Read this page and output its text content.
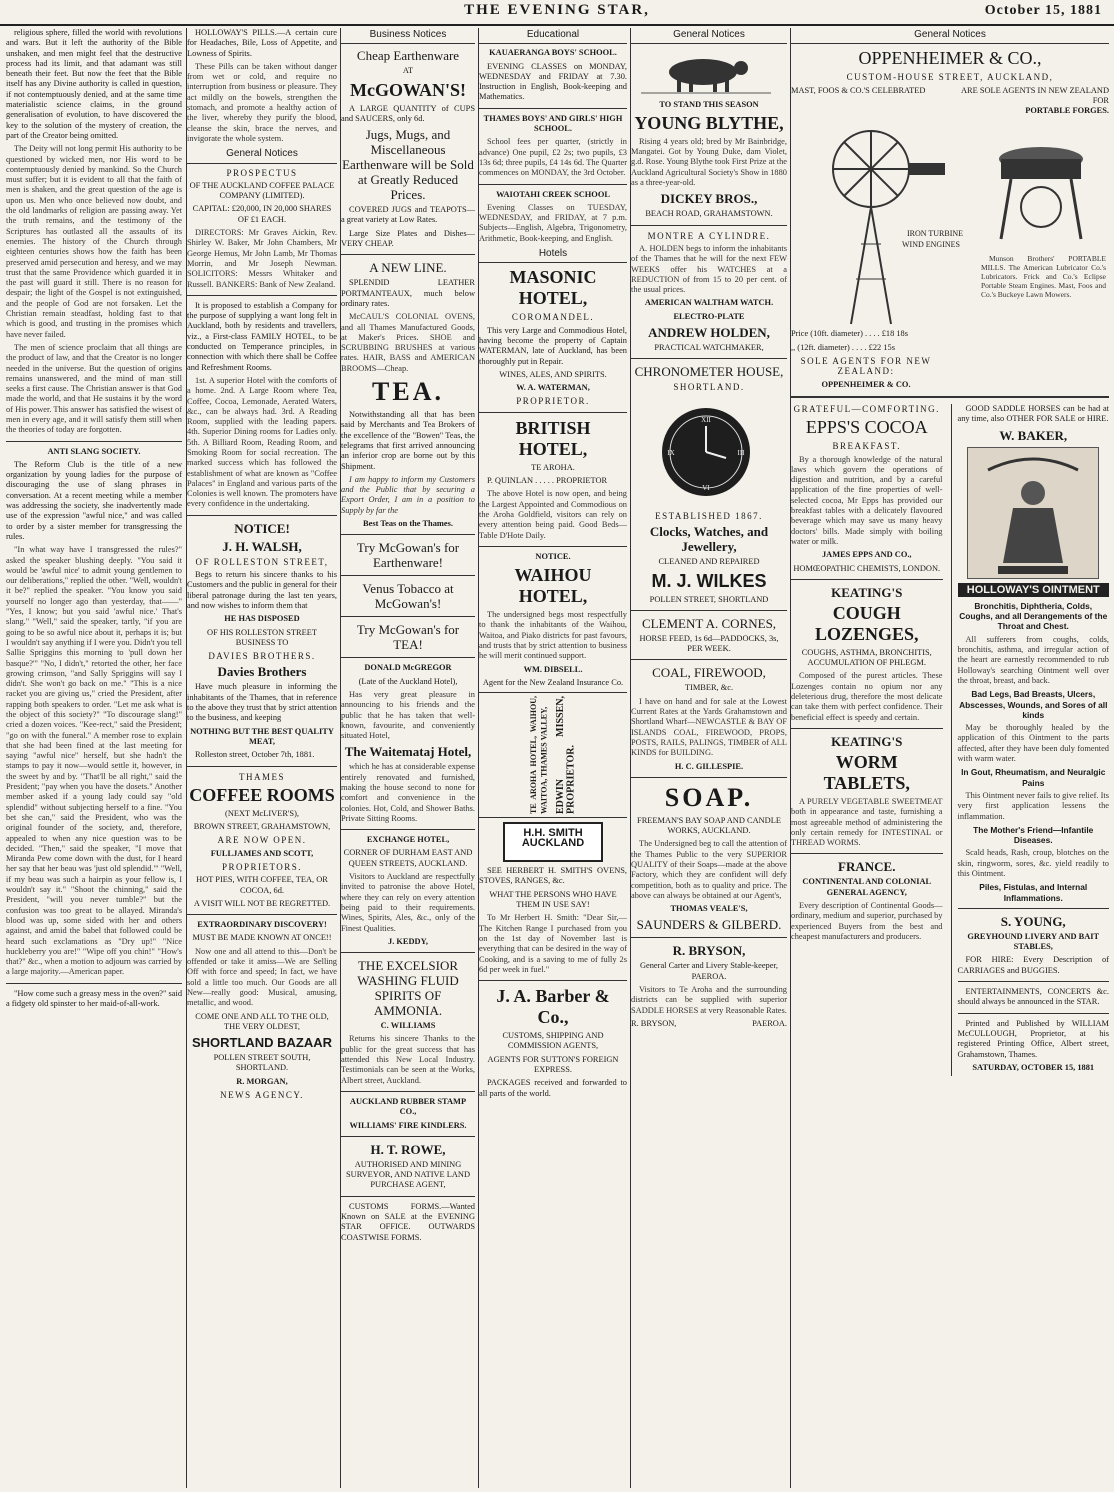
THE EVENING STAR,	October 15, 1881

religious sphere, filled the world with revolutions and wars. But it left the authority of the Bible unshaken, and men might feel that the destructive process had its limit, and that adamant was still beneath their feet. But now the feet that the Bible itself has any Divine authority is called in question, if not contemptuously denied, and at the same time materialistic science claims, in the ground generalisation of evolution, to have discovered the key to the solution of the mystery of creation, the part of the Creator being omitted.

The Deity will not long permit His authority to be questioned by wicked men, nor His word to be contemptuously denied by mankind. So the Church must suffer; but it is evident to all that the faith of men is shaken, and the great question of the age is upon us. Men who once believed now doubt, and the old landmarks of religion are passing away. Yet the truth remains, and the testimony of the Scriptures has outlasted all the assaults of its enemies. The history of the Church through eighteen centuries shows how the faith has been preserved amid persecution and heresy, and we may trust that the same Providence which guarded it in the past will guard it still. There is no reason for despair; the light of the Gospel is not extinguished, and the people of God are not forsaken. Let the Christian remain steadfast, holding fast to that which is good, and trusting in the promises which have never failed.

The men of science proclaim that all things are the product of law, and that the Creator is no longer needed in the universe. But the question of origins remains unanswered, and the mind of man still seeks a first cause. The Christian answer is that God made the world, and that He sustains it by the word of His power. This answer has satisfied the wisest of men in every age, and it will satisfy them still when the theories of today are forgotten.

ANTI SLANG SOCIETY.

The Reform Club is the title of a new organization by young ladies for the purpose of discouraging the use of slang phrases in conversation. At a recent meeting while a member was addressing the society, she inadvertently made use of the expression "awful nice," and was called to order by a sister member for transgressing the rules.

"In what way have I transgressed the rules?" asked the speaker blushing deeply. "You said it would be 'awful nice' to admit young gentlemen to our deliberations," replied the other. "Well, wouldn't it be?" replied the speaker. "You know you said yourself no longer ago than yesterday, that——" "Yes, I know; but you said 'awful nice.' That's slang." "Well," said the speaker, tartly, "if you are going to be so awful nice about it, perhaps it is; but I wouldn't say anything if I were you. Didn't you tell Sallie Spriggins this morning to 'pull down her basque?'" "No, I didn't," retorted the other, her face growing crimson, "and Sally Spriggins will say I didn't. She won't go back on me." "This is a nice racket you are giving us," cried the President, after rapping both speakers to order. "Let me ask what is the object of this society?" "To discourage slang!" cried a dozen voices. "Kee-rect," said the President; "go on with the funeral." A member rose to explain that she had been fined at the last meeting for saying "awful nice" herself, but she hadn't the stamps to pay it now—would settle it, however, in the sweet by and by. "That'll be all right," said the President; "pay when you have the dosets." Another member asked if a young lady could say "old splendid" without subjecting herself to a fine. "You bet she can," said the President, who was the original founder of the society, and, therefore, appealed to when any nice question was to be decided. "Then," said the speaker, "I move that Miranda Pew come down with the dust, for I heard her say that her beau was 'just old splendid.'" "Well, if my beau was such a hairpin as your fellow is, I wouldn't say it." "Shoot the chinning," said the President, "will you never tumble?" but the confusion was too great to be allayed. Miranda's blood was up, some sided with her and others against, and amid the babel that followed could be heard such exclamations as "Dry up!" "Nice huckleberry you are!" "Wipe off you chin!" "How's that?" &c., when a motion to adjourn was carried by a large majority.—American paper.

"How come such a greasy mess in the oven?" said a fidgety old spinster to her maid-of-all-work.

HOLLOWAY'S PILLS.—A certain cure for Headaches, Bile, Loss of Appetite, and Lowness of Spirits.

These Pills can be taken without danger from wet or cold, and require no interruption from business or pleasure. They act mildly on the bowels, strengthen the stomach, and promote a healthy action of the liver, whereby they purify the blood, cleanse the skin, brace the nerves, and invigorate the whole system.

General Notices

PROSPECTUS

OF THE AUCKLAND COFFEE PALACE COMPANY (LIMITED).

CAPITAL: £20,000, IN 20,000 SHARES OF £1 EACH.

DIRECTORS: Mr Graves Aickin, Rev. Shirley W. Baker, Mr John Chambers, Mr George Hemus, Mr John Lamb, Mr Thomas Morrin, and Mr Joseph Newman. SOLICITORS: Messrs Whitaker and Russell. BANKERS: Bank of New Zealand.

It is proposed to establish a Company for the purpose of supplying a want long felt in Auckland, both by residents and travellers, viz., a First-class FAMILY HOTEL, to be conducted on Temperance principles, in connection with which there shall be Coffee and Refreshment Rooms.

1st. A superior Hotel with the comforts of a home. 2nd. A Large Room where Tea, Coffee, Cocoa, Lemonade, Aerated Waters, &c., can be always had. 3rd. A Reading Room, supplied with the leading papers. 4th. Superior Dining rooms for Ladies only. 5th. A Billiard Room, Reading Room, and Smoking Room for social recreation. The marked success which has followed the establishment of what are known as "Coffee Palaces" in England and various parts of the Colonies is well known. The promoters have every confidence in the undertaking.

NOTICE!

J. H. WALSH,

OF ROLLESTON STREET,

Begs to return his sincere thanks to his Customers and the public in general for their liberal patronage during the last ten years, and now wishes to inform them that

HE HAS DISPOSED

OF HIS ROLLESTON STREET BUSINESS TO

DAVIES BROTHERS.

Davies Brothers

Have much pleasure in informing the inhabitants of the Thames, that in reference to the above they trust that by strict attention to the business, and keeping

NOTHING BUT THE BEST QUALITY MEAT,

Rolleston street, October 7th, 1881.

THAMES

COFFEE ROOMS

(NEXT McLIVER'S),

BROWN STREET, GRAHAMSTOWN,

ARE NOW OPEN.

FULLJAMES AND SCOTT,

PROPRIETORS.

HOT PIES, WITH COFFEE, TEA, OR COCOA, 6d.

A VISIT WILL NOT BE REGRETTED.

EXTRAORDINARY DISCOVERY!

MUST BE MADE KNOWN AT ONCE!!

Now one and all attend to this—Don't be offended or take it amiss—We are Selling Off with force and speed; In fact, we have sold a little too much. Our Goods are all New—really good: Musical, amusing, metallic, and wood.

COME ONE AND ALL TO THE OLD, THE VERY OLDEST,

SHORTLAND BAZAAR

POLLEN STREET SOUTH, SHORTLAND.

R. MORGAN,

NEWS AGENCY.

Business Notices

Cheap Earthenware

AT

McGOWAN'S!

A LARGE QUANTITY of CUPS and SAUCERS, only 6d.

Jugs, Mugs, and Miscellaneous Earthenware will be Sold at Greatly Reduced Prices.

COVERED JUGS and TEAPOTS—a great variety at Low Rates.

Large Size Plates and Dishes—VERY CHEAP.

A NEW LINE.

SPLENDID LEATHER PORTMANTEAUX, much below ordinary rates.

McCAUL'S COLONIAL OVENS, and all Thames Manufactured Goods, at Maker's Prices. SHOE and SCRUBBING BRUSHES at various rates. HAIR, BASS and AMERICAN BROOMS—Cheap.

TEA.

Notwithstanding all that has been said by Merchants and Tea Brokers of the excellence of the "Bowen" Teas, the telegrams that first arrived announcing an inferior crop are borne out by this Shipment.

I am happy to inform my Customers and the Public that by securing a Export Order, I am in a position to Supply by far the

Best Teas on the Thames.

Try McGowan's for Earthenware!

Venus Tobacco at McGowan's!

Try McGowan's for TEA!

DONALD McGREGOR

(Late of the Auckland Hotel),

Has very great pleasure in announcing to his friends and the public that he has taken that well-known, favourite, and conveniently situated Hotel,

The Waitemataj Hotel,

which he has at considerable expense entirely renovated and furnished, making the house second to none for comfort and convenience in the colonies. Hot, Cold, and Shower Baths. Private Sitting Rooms.

EXCHANGE HOTEL,

CORNER OF DURHAM EAST AND QUEEN STREETS, AUCKLAND.

Visitors to Auckland are respectfully invited to patronise the above Hotel, where they can rely on every attention being paid to their requirements. Wines, Spirits, Ales, &c., only of the Finest Qualities.

J. KEDDY,

THE EXCELSIOR WASHING FLUID SPIRITS OF AMMONIA.

C. WILLIAMS

Returns his sincere Thanks to the public for the great success that has attended this New Local Industry. Testimonials can be seen at the Works, Albert street, Auckland.

AUCKLAND RUBBER STAMP CO.,

WILLIAMS' FIRE KINDLERS.

H. T. ROWE,

AUTHORISED AND MINING SURVEYOR, AND NATIVE LAND PURCHASE AGENT,

CUSTOMS FORMS.—Wanted Known on SALE at the EVENING STAR OFFICE. OUTWARDS COASTWISE FORMS.

Educational

KAUAERANGA BOYS' SCHOOL.

EVENING CLASSES on MONDAY, WEDNESDAY and FRIDAY at 7.30. Instruction in English, Book-keeping and Mathematics.

THAMES BOYS' AND GIRLS' HIGH SCHOOL.

School fees per quarter, (strictly in advance) One pupil, £2 2s; two pupils, £3 13s 6d; three pupils, £4 14s 6d. The Quarter commences on MONDAY, the 3rd October.

WAIOTAHI CREEK SCHOOL

Evening Classes on TUESDAY, WEDNESDAY, and FRIDAY, at 7 p.m. Subjects—English, Algebra, Trigonometry, Arithmetic, Book-keeping, and English.

Hotels

MASONIC HOTEL,

COROMANDEL.

This very Large and Commodious Hotel, having become the property of Captain WATERMAN, late of Auckland, has been thoroughly put in Repair.

WINES, ALES, AND SPIRITS.

W. A. WATERMAN,

PROPRIETOR.

BRITISH HOTEL,

TE AROHA.

P. QUINLAN . . . . . PROPRIETOR

The above Hotel is now open, and being the Largest Appointed and Commodious on the Aroha Goldfield, visitors can rely on every attention being paid. Good Beds—Table D'Hote Daily.

NOTICE.

WAIHOU HOTEL,

The undersigned begs most respectfully to thank the inhabitants of the Waihou, Waitoa, and Piako districts for past favours, and trusts that by strict attention to business he will merit continued support.

WM. DIBSELL.

Agent for the New Zealand Insurance Co.

TE AROHA HOTEL, WAIHOU, WAITOA, THAMES VALLEY, EDWIN MISSEN, PROPRIETOR.
H.H. SMITH
AUCKLAND

SEE HERBERT H. SMITH'S OVENS, STOVES, RANGES, &c.

WHAT THE PERSONS WHO HAVE THEM IN USE SAY!

To Mr Herbert H. Smith: "Dear Sir,—The Kitchen Range I purchased from you on the 1st day of November last is everything that can be desired in the way of Cooking, and is a saving to me of fully 2s 6d per week in fuel."

J. A. Barber & Co.,

CUSTOMS, SHIPPING AND COMMISSION AGENTS,

AGENTS FOR SUTTON'S FOREIGN EXPRESS.

PACKAGES received and forwarded to all parts of the world.

General Notices

TO STAND THIS SEASON

YOUNG BLYTHE,

Rising 4 years old; bred by Mr Bainbridge, Mangatei. Got by Young Duke, dam Violet, g.d. Rose. Young Blythe took First Prize at the Auckland Agricultural Society's Show in 1880 as a three-year-old.

DICKEY BROS.,

BEACH ROAD, GRAHAMSTOWN.

MONTRE A CYLINDRE.

A. HOLDEN begs to inform the inhabitants of the Thames that he will for the next FEW WEEKS offer his WATCHES at a REDUCTION of from 15 to 20 per cent. of the usual prices.

AMERICAN WALTHAM WATCH.

ELECTRO-PLATE

ANDREW HOLDEN,

PRACTICAL WATCHMAKER,

CHRONOMETER HOUSE,

SHORTLAND.

XII
VI
IX	III

ESTABLISHED 1867.

Clocks, Watches, and Jewellery,

CLEANED AND REPAIRED

M. J. WILKES

POLLEN STREET, SHORTLAND

CLEMENT A. CORNES,

HORSE FEED, 1s 6d—PADDOCKS, 3s, PER WEEK.

COAL, FIREWOOD,

TIMBER, &c.

I have on hand and for sale at the Lowest Current Rates at the Yards Grahamstown and Shortland Wharf—NEWCASTLE & BAY OF ISLANDS COAL, FIREWOOD, PROPS, POSTS, RAILS, PALINGS, TIMBER of ALL KINDS for BUILDING.

H. C. GILLESPIE.

SOAP.

FREEMAN'S BAY SOAP AND CANDLE WORKS, AUCKLAND.

The Undersigned beg to call the attention of the Thames Public to the very SUPERIOR QUALITY of their Soaps—made at the above Factory, which they are confident will defy competition, both as to quality and price. The above can always be obtained at our Agent's,

THOMAS VEALE'S,

SAUNDERS & GILBERD.

R. BRYSON,

General Carter and Livery Stable-keeper, PAEROA.

Visitors to Te Aroha and the surrounding districts can be supplied with superior SADDLE HORSES at very Reasonable Rates.

R. BRYSON,	PAEROA.
General Notices

OPPENHEIMER & CO.,

CUSTOM-HOUSE STREET, AUCKLAND,

MAST, FOOS & CO.'S CELEBRATED	ARE SOLE AGENTS IN NEW ZEALAND FOR

PORTABLE FORGES.

IRON TURBINE WIND ENGINES

Munson Brothers' PORTABLE MILLS. The American Lubricator Co.'s Lubricators. Frick and Co.'s Eclipse Portable Steam Engines. Mast, Foos and Co.'s Buckeye Lawn Mowers.

Price (10ft. diameter) . . . . £18 18s

,, (12ft. diameter) . . . . £22 15s

SOLE AGENTS FOR NEW ZEALAND:

OPPENHEIMER & CO.

GRATEFUL—COMFORTING.

EPPS'S COCOA

BREAKFAST.

By a thorough knowledge of the natural laws which govern the operations of digestion and nutrition, and by a careful application of the fine properties of well-selected cocoa, Mr Epps has provided our breakfast tables with a delicately flavoured beverage which may save us many heavy doctors' bills. Made simply with boiling water or milk.

JAMES EPPS AND CO.,

HOMŒOPATHIC CHEMISTS, LONDON.

KEATING'S

COUGH LOZENGES,

COUGHS, ASTHMA, BRONCHITIS, ACCUMULATION OF PHLEGM.

Composed of the purest articles. These Lozenges contain no opium nor any deleterious drug, therefore the most delicate can take them with perfect confidence. Their beneficial effect is speedy and certain.

KEATING'S

WORM TABLETS,

A PURELY VEGETABLE SWEETMEAT both in appearance and taste, furnishing a most agreeable method of administering the only certain remedy for INTESTINAL or THREAD WORMS.

FRANCE.

CONTINENTAL AND COLONIAL GENERAL AGENCY,

Every description of Continental Goods—ordinary, medium and superior, purchased by experienced Buyers from the best and cheapest manufacturers and producers.

GOOD SADDLE HORSES can be had at any time, also OTHER FOR SALE or HIRE.

W. BAKER,

HOLLOWAY'S OINTMENT

Bronchitis, Diphtheria, Colds, Coughs, and all Derangements of the Throat and Chest.

All sufferers from coughs, colds, bronchitis, asthma, and irregular action of the heart are earnestly recommended to rub Holloway's searching Ointment well over the throat, breast, and back.

Bad Legs, Bad Breasts, Ulcers, Abscesses, Wounds, and Sores of all kinds

May be thoroughly healed by the application of this Ointment to the parts affected, after they have been duly fomented with warm water.

In Gout, Rheumatism, and Neuralgic Pains

This Ointment never fails to give relief. Its very first application lessens the inflammation.

The Mother's Friend—Infantile Diseases.

Scald heads, Rash, croup, blotches on the skin, ringworm, sores, &c. yield readily to this Ointment.

Piles, Fistulas, and Internal Inflammations.

S. YOUNG,

GREYHOUND LIVERY AND BAIT STABLES,

FOR HIRE: Every Description of CARRIAGES and BUGGIES.

ENTERTAINMENTS, CONCERTS &c. should always be announced in the STAR.

Printed and Published by WILLIAM McCULLOUGH, Proprietor, at his registered Printing Office, Albert street, Grahamstown, Thames.

SATURDAY, OCTOBER 15, 1881
